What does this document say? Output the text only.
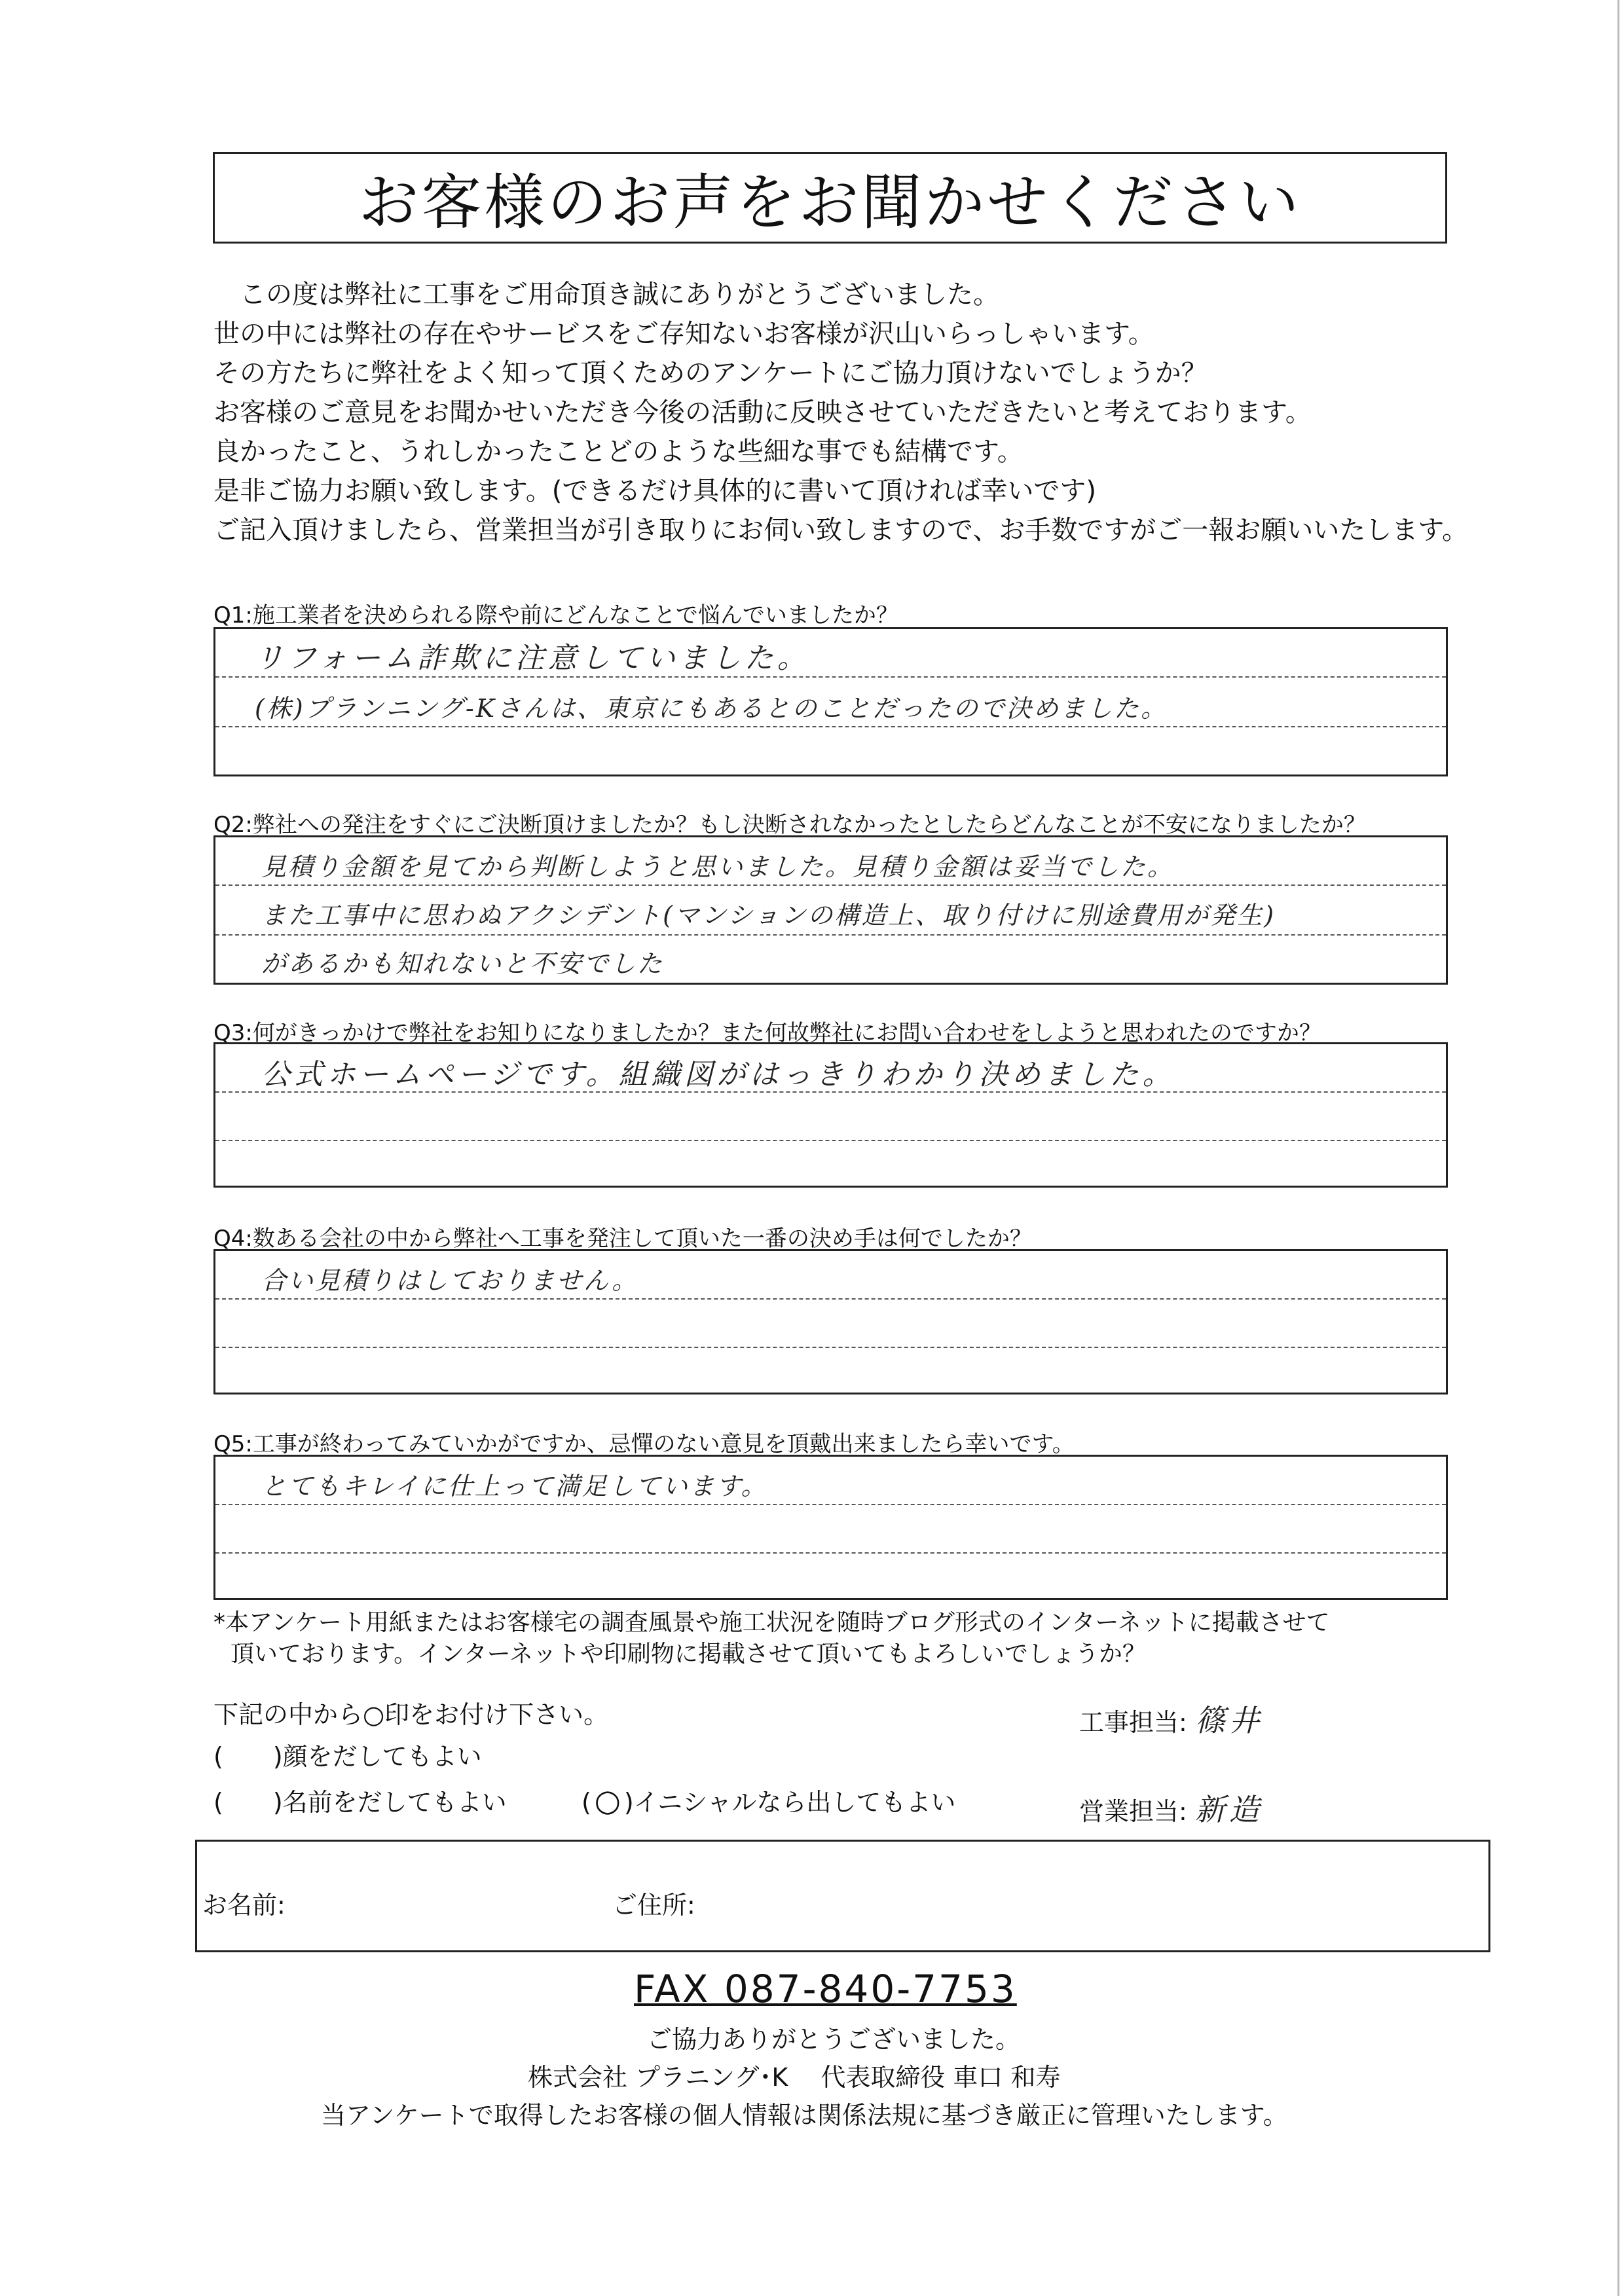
お客様のお声をお聞かせください
この度は弊社に工事をご用命頂き誠にありがとうございました。
世の中には弊社の存在やサービスをご存知ないお客様が沢山いらっしゃいます。
その方たちに弊社をよく知って頂くためのアンケートにご協力頂けないでしょうか？
お客様のご意見をお聞かせいただき今後の活動に反映させていただきたいと考えております。
良かったこと、うれしかったことどのような些細な事でも結構です。
是非ご協力お願い致します。(できるだけ具体的に書いて頂ければ幸いです)
ご記入頂けましたら、営業担当が引き取りにお伺い致しますので、お手数ですがご一報お願いいたします。
Q1:施工業者を決められる際や前にどんなことで悩んでいましたか？
リフォーム詐欺に注意していました。
(株)プランニング-Kさんは、東京にもあるとのことだったので決めました。
Q2:弊社への発注をすぐにご決断頂けましたか？もし決断されなかったとしたらどんなことが不安になりましたか？
見積り金額を見てから判断しようと思いました。見積り金額は妥当でした。
また工事中に思わぬアクシデント(マンションの構造上、取り付けに別途費用が発生)
があるかも知れないと不安でした
Q3:何がきっかけで弊社をお知りになりましたか？また何故弊社にお問い合わせをしようと思われたのですか？
公式ホームページです。組織図がはっきりわかり決めました。
Q4:数ある会社の中から弊社へ工事を発注して頂いた一番の決め手は何でしたか？
合い見積りはしておりません。
Q5:工事が終わってみていかがですか、忌憚のない意見を頂戴出来ましたら幸いです。
とてもキレイに仕上って満足しています。
*本アンケート用紙またはお客様宅の調査風景や施工状況を随時ブログ形式のインターネットに掲載させて
頂いております。インターネットや印刷物に掲載させて頂いてもよろしいでしょうか？
下記の中から○印をお付け下さい。
(　　)顔をだしてもよい
(　　)名前をだしてもよい	( ○ )イニシャルなら出してもよい
工事担当: 篠井
営業担当: 新造
お名前:	ご住所:
FAX 087-840-7753
ご協力ありがとうございました。
株式会社 プラニング･K　 代表取締役 車口 和寿
当アンケートで取得したお客様の個人情報は関係法規に基づき厳正に管理いたします。
